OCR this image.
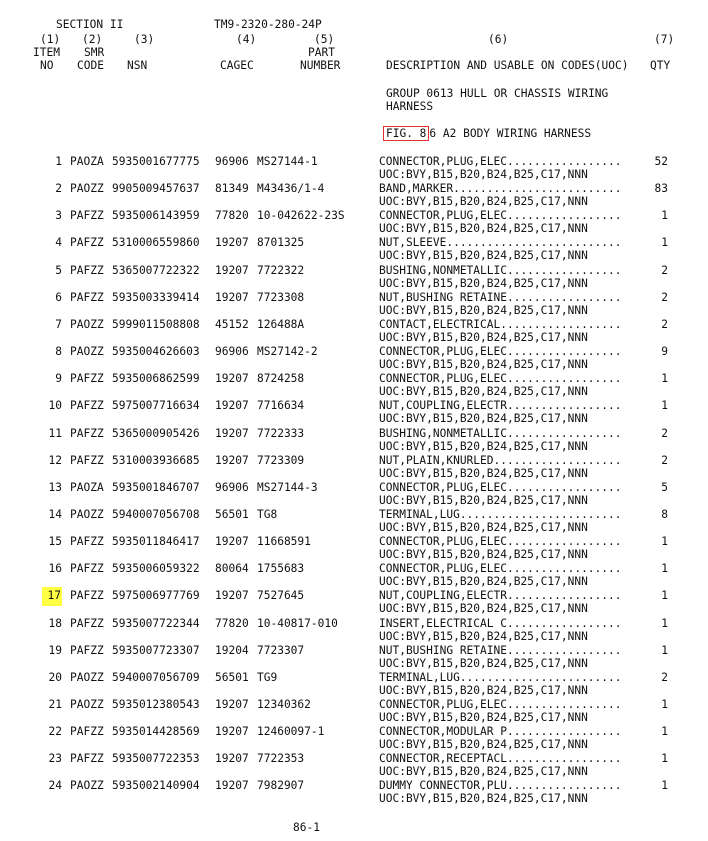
SECTION II	TM9-2320-280-24P
(1) (2)	(3)	(4)	(5)	(6)	(7)
ITEM SMR	PART
NO CODE NSN	CAGEC	NUMBER	DESCRIPTION AND USABLE ON CODES(UOC) QTY
GROUP 0613 HULL OR CHASSIS WIRING
HARNESS
FIG. 8 6 A2 BODY WIRING HARNESS
1 PAOZA 5935001677775 96906 MS27144-1	CONNECTOR,PLUG,ELEC.................	52
UOC:BVY,B15,B20,B24,B25,C17,NNN
2 PAOZZ 9905009457637 81349 M43436/1-4	BAND,MARKER.........................	83
UOC:BVY,B15,B20,B24,B25,C17,NNN
3 PAFZZ 5935006143959 77820 10-042622-23S	CONNECTOR,PLUG,ELEC.................	1
UOC:BVY,B15,B20,B24,B25,C17,NNN
4 PAFZZ 5310006559860 19207 8701325	NUT,SLEEVE..........................	1
UOC:BVY,B15,B20,B24,B25,C17,NNN
5 PAFZZ 5365007722322 19207 7722322	BUSHING,NONMETALLIC.................	2
UOC:BVY,B15,B20,B24,B25,C17,NNN
6 PAFZZ 5935003339414 19207 7723308	NUT,BUSHING RETAINE.................	2
UOC:BVY,B15,B20,B24,B25,C17,NNN
7 PAOZZ 5999011508808 45152 126488A	CONTACT,ELECTRICAL..................	2
UOC:BVY,B15,B20,B24,B25,C17,NNN
8 PAOZZ 5935004626603 96906 MS27142-2	CONNECTOR,PLUG,ELEC.................	9
UOC:BVY,B15,B20,B24,B25,C17,NNN
9 PAFZZ 5935006862599 19207 8724258	CONNECTOR,PLUG,ELEC.................	1
UOC:BVY,B15,B20,B24,B25,C17,NNN
10 PAFZZ 5975007716634 19207 7716634	NUT,COUPLING,ELECTR.................	1
UOC:BVY,B15,B20,B24,B25,C17,NNN
11 PAFZZ 5365000905426 19207 7722333	BUSHING,NONMETALLIC.................	2
UOC:BVY,B15,B20,B24,B25,C17,NNN
12 PAFZZ 5310003936685 19207 7723309	NUT,PLAIN,KNURLED...................	2
UOC:BVY,B15,B20,B24,B25,C17,NNN
13 PAOZA 5935001846707 96906 MS27144-3	CONNECTOR,PLUG,ELEC.................	5
UOC:BVY,B15,B20,B24,B25,C17,NNN
14 PAOZZ 5940007056708 56501 TG8	TERMINAL,LUG........................	8
UOC:BVY,B15,B20,B24,B25,C17,NNN
15 PAFZZ 5935011846417 19207 11668591	CONNECTOR,PLUG,ELEC.................	1
UOC:BVY,B15,B20,B24,B25,C17,NNN
16 PAFZZ 5935006059322 80064 1755683	CONNECTOR,PLUG,ELEC.................	1
UOC:BVY,B15,B20,B24,B25,C17,NNN
17 PAFZZ 5975006977769 19207 7527645	NUT,COUPLING,ELECTR.................	1
UOC:BVY,B15,B20,B24,B25,C17,NNN
18 PAFZZ 5935007722344 77820 10-40817-010	INSERT,ELECTRICAL C.................	1
UOC:BVY,B15,B20,B24,B25,C17,NNN
19 PAFZZ 5935007723307 19204 7723307	NUT,BUSHING RETAINE.................	1
UOC:BVY,B15,B20,B24,B25,C17,NNN
20 PAOZZ 5940007056709 56501 TG9	TERMINAL,LUG........................	2
UOC:BVY,B15,B20,B24,B25,C17,NNN
21 PAOZZ 5935012380543 19207 12340362	CONNECTOR,PLUG,ELEC.................	1
UOC:BVY,B15,B20,B24,B25,C17,NNN
22 PAFZZ 5935014428569 19207 12460097-1	CONNECTOR,MODULAR P.................	1
UOC:BVY,B15,B20,B24,B25,C17,NNN
23 PAFZZ 5935007722353 19207 7722353	CONNECTOR,RECEPTACL.................	1
UOC:BVY,B15,B20,B24,B25,C17,NNN
24 PAOZZ 5935002140904 19207 7982907	DUMMY CONNECTOR,PLU.................	1
UOC:BVY,B15,B20,B24,B25,C17,NNN
86-1
